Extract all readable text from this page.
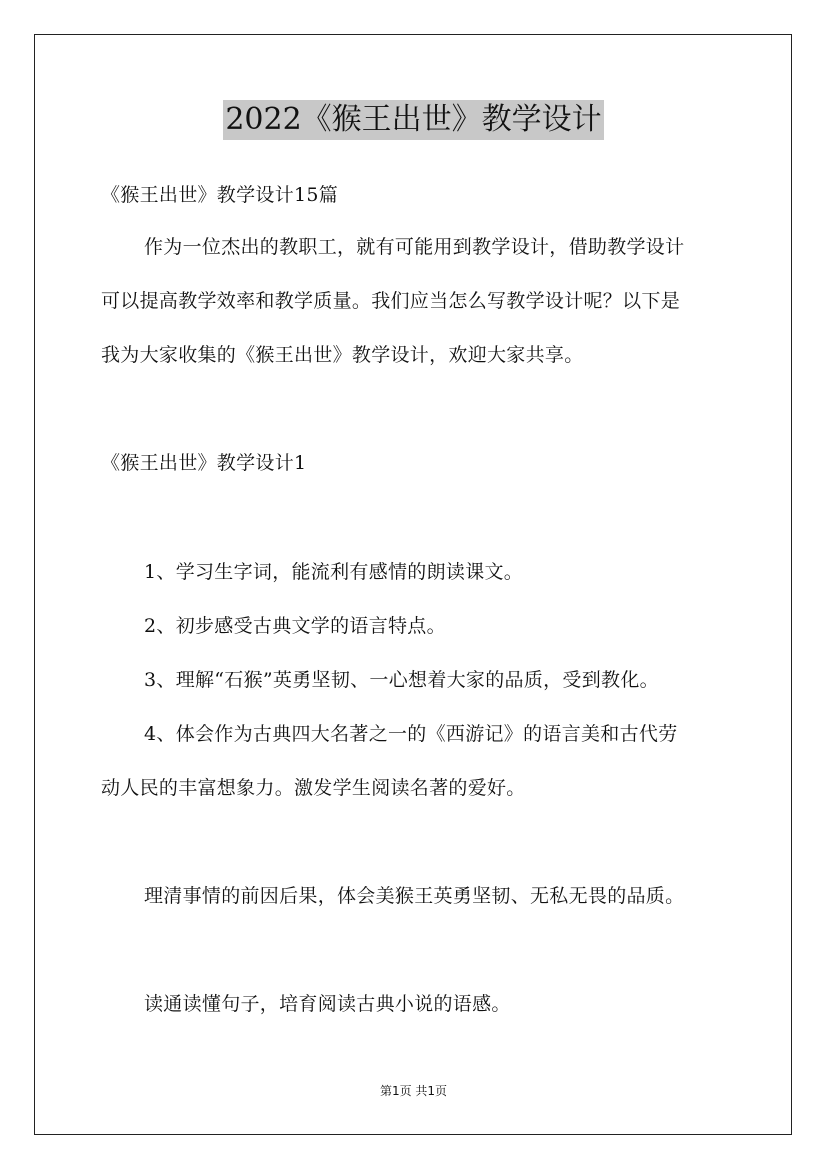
2022《猴王出世》教学设计
《猴王出世》教学设计15篇
作为一位杰出的教职工，就有可能用到教学设计，借助教学设计
可以提高教学效率和教学质量。我们应当怎么写教学设计呢？以下是
我为大家收集的《猴王出世》教学设计，欢迎大家共享。
《猴王出世》教学设计1
1、学习生字词，能流利有感情的朗读课文。
2、初步感受古典文学的语言特点。
3、理解“石猴”英勇坚韧、一心想着大家的品质，受到教化。
4、体会作为古典四大名著之一的《西游记》的语言美和古代劳
动人民的丰富想象力。激发学生阅读名著的爱好。
理清事情的前因后果，体会美猴王英勇坚韧、无私无畏的品质。
读通读懂句子，培育阅读古典小说的语感。
第1页 共1页
